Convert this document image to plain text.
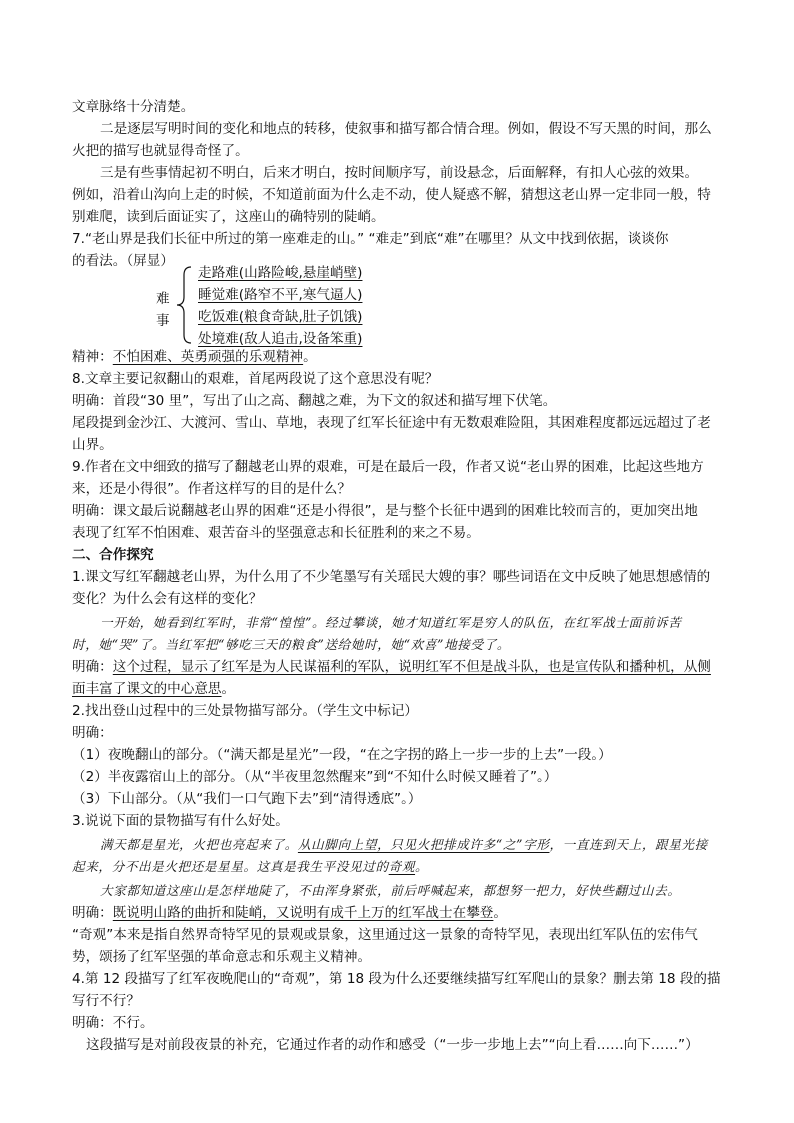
文章脉络十分清楚。
二是逐层写明时间的变化和地点的转移，使叙事和描写都合情合理。例如，假设不写天黑的时间，那么
火把的描写也就显得奇怪了。
三是有些事情起初不明白，后来才明白，按时间顺序写，前设悬念，后面解释，有扣人心弦的效果。
例如，沿着山沟向上走的时候，不知道前面为什么走不动，使人疑惑不解，猜想这老山界一定非同一般，特
别难爬，读到后面证实了，这座山的确特别的陡峭。
7.“老山界是我们长征中所过的第一座难走的山。” “难走”到底“难”在哪里？从文中找到依据，谈谈你
的看法。（屏显）
难
事
走路难(山路险峻,悬崖峭壁)
睡觉难(路窄不平,寒气逼人)
吃饭难(粮食奇缺,肚子饥饿)
处境难(敌人追击,设备笨重)
精神：不怕困难、英勇顽强的乐观精神。
8.文章主要记叙翻山的艰难，首尾两段说了这个意思没有呢？
明确：首段“30 里”，写出了山之高、翻越之难，为下文的叙述和描写埋下伏笔。
尾段提到金沙江、大渡河、雪山、草地，表现了红军长征途中有无数艰难险阻，其困难程度都远远超过了老
山界。
9.作者在文中细致的描写了翻越老山界的艰难，可是在最后一段，作者又说“老山界的困难，比起这些地方
来，还是小得很”。作者这样写的目的是什么？
明确：课文最后说翻越老山界的困难“还是小得很”，是与整个长征中遇到的困难比较而言的，更加突出地
表现了红军不怕困难、艰苦奋斗的坚强意志和长征胜利的来之不易。
二、合作探究
1.课文写红军翻越老山界，为什么用了不少笔墨写有关瑶民大嫂的事？哪些词语在文中反映了她思想感情的
变化？为什么会有这样的变化？
一开始，她看到红军时，非常“惶惶”。经过攀谈，她才知道红军是穷人的队伍，在红军战士面前诉苦
时，她“哭”了。当红军把“够吃三天的粮食”送给她时，她“欢喜”地接受了。
明确：这个过程，显示了红军是为人民谋福利的军队，说明红军不但是战斗队，也是宣传队和播种机，从侧
面丰富了课文的中心意思。
2.找出登山过程中的三处景物描写部分。（学生文中标记）
明确：
（1）夜晚翻山的部分。（“满天都是星光”一段，“在之字拐的路上一步一步的上去”一段。）
（2）半夜露宿山上的部分。（从“半夜里忽然醒来”到“不知什么时候又睡着了”。）
（3）下山部分。（从“我们一口气跑下去”到“清得透底”。）
3.说说下面的景物描写有什么好处。
满天都是星光，火把也亮起来了。从山脚向上望，只见火把排成许多“之”字形，一直连到天上，跟星光接
起来，分不出是火把还是星星。这真是我生平没见过的奇观。
大家都知道这座山是怎样地陡了，不由浑身紧张，前后呼喊起来，都想努一把力，好快些翻过山去。
明确：既说明山路的曲折和陡峭，又说明有成千上万的红军战士在攀登。
“奇观”本来是指自然界奇特罕见的景观或景象，这里通过这一景象的奇特罕见，表现出红军队伍的宏伟气
势，颂扬了红军坚强的革命意志和乐观主义精神。
4.第 12 段描写了红军夜晚爬山的“奇观”，第 18 段为什么还要继续描写红军爬山的景象？删去第 18 段的描
写行不行？
明确：不行。
这段描写是对前段夜景的补充，它通过作者的动作和感受（“一步一步地上去”“向上看……向下……”）
